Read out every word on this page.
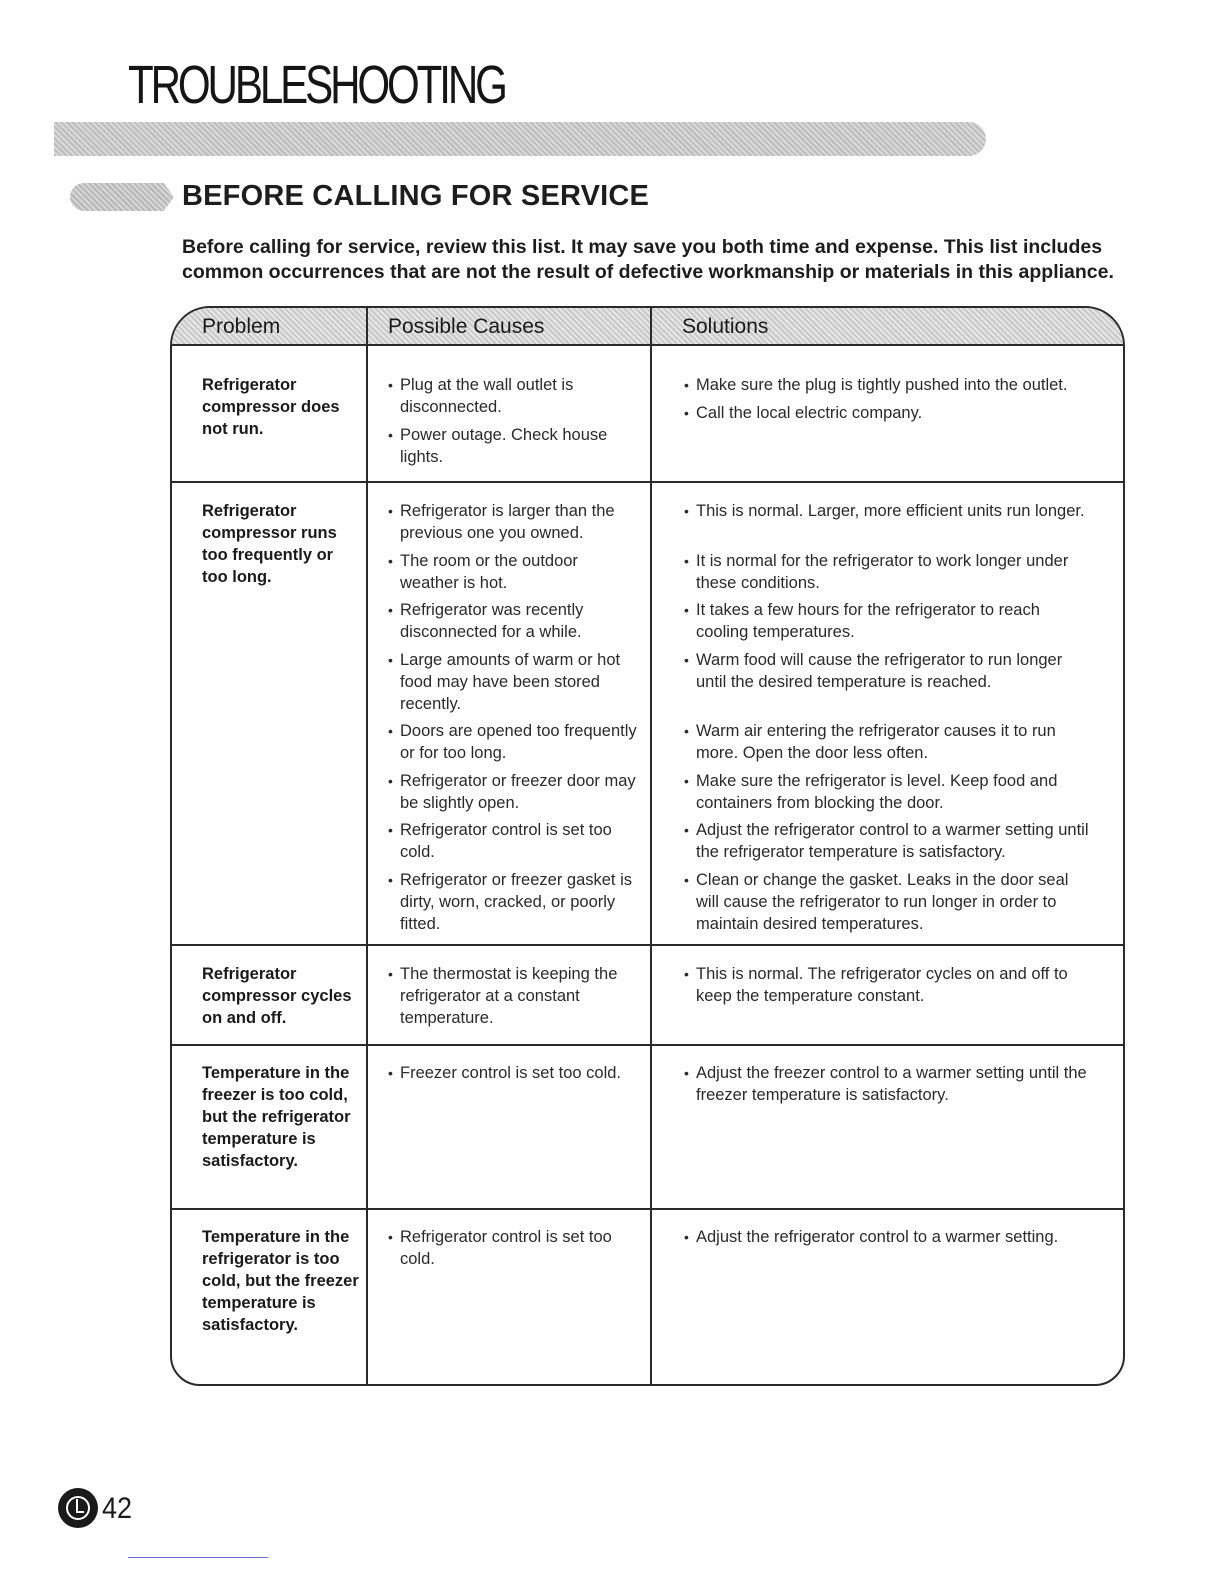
TROUBLESHOOTING
BEFORE CALLING FOR SERVICE
Before calling for service, review this list. It may save you both time and expense. This list includes common occurrences that are not the result of defective workmanship or materials in this appliance.
Problem	Possible Causes	Solutions
Refrigerator compressor does not run.
• Plug at the wall outlet is disconnected.
• Power outage. Check house lights.
• Make sure the plug is tightly pushed into the outlet.
• Call the local electric company.
Refrigerator compressor runs too frequently or too long.
• Refrigerator is larger than the previous one you owned.
• The room or the outdoor weather is hot.
• Refrigerator was recently disconnected for a while.
• Large amounts of warm or hot food may have been stored recently.
• Doors are opened too frequently or for too long.
• Refrigerator or freezer door may be slightly open.
• Refrigerator control is set too cold.
• Refrigerator or freezer gasket is dirty, worn, cracked, or poorly fitted.
• This is normal. Larger, more efficient units run longer.
• It is normal for the refrigerator to work longer under these conditions.
• It takes a few hours for the refrigerator to reach cooling temperatures.
• Warm food will cause the refrigerator to run longer until the desired temperature is reached.
• Warm air entering the refrigerator causes it to run more. Open the door less often.
• Make sure the refrigerator is level. Keep food and containers from blocking the door.
• Adjust the refrigerator control to a warmer setting until the refrigerator temperature is satisfactory.
• Clean or change the gasket. Leaks in the door seal will cause the refrigerator to run longer in order to maintain desired temperatures.
Refrigerator compressor cycles on and off.
• The thermostat is keeping the refrigerator at a constant temperature.
• This is normal. The refrigerator cycles on and off to keep the temperature constant.
Temperature in the freezer is too cold, but the refrigerator temperature is satisfactory.
• Freezer control is set too cold.
•	Adjust the freezer control to a warmer setting until the freezer temperature is satisfactory.
Temperature in the refrigerator is too cold, but the freezer temperature is satisfactory.
• Refrigerator control is set too cold.
• Adjust the refrigerator control to a warmer setting.
42
